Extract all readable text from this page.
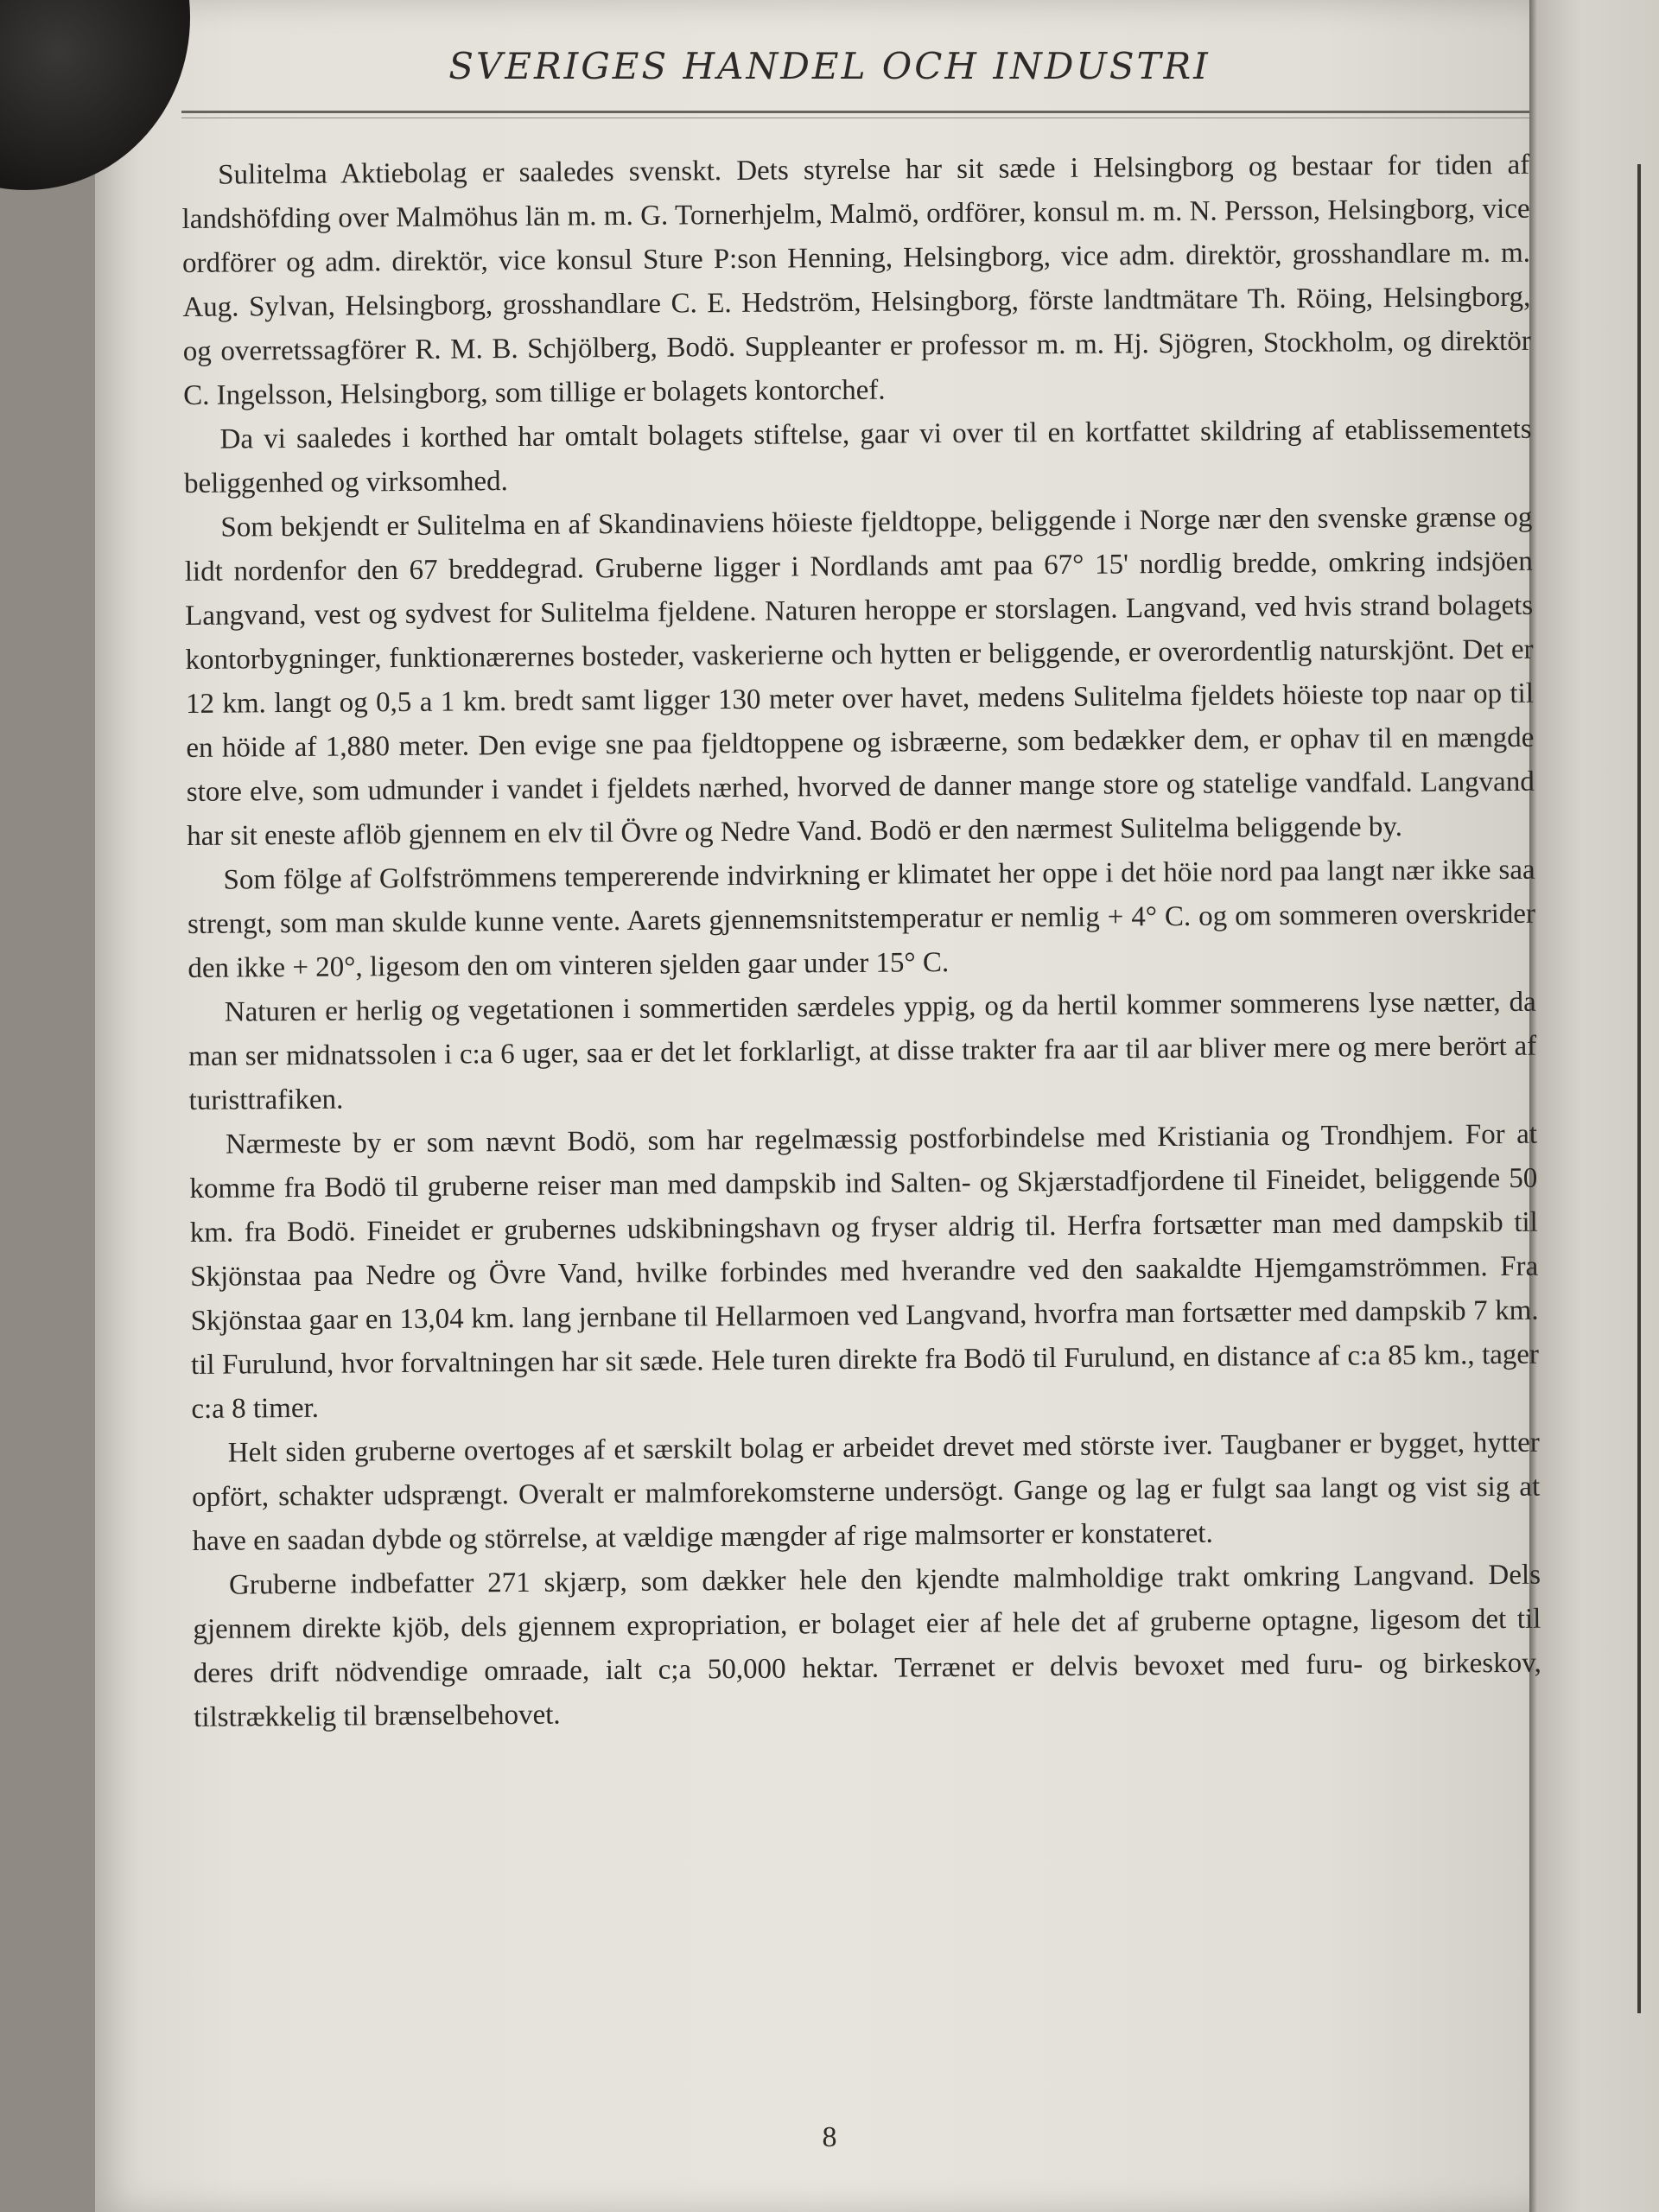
SVERIGES HANDEL OCH INDUSTRI

Sulitelma Aktiebolag er saaledes svenskt. Dets styrelse har sit sæde i Helsingborg og bestaar for tiden af landshöfding over Malmöhus län m. m. G. Tornerhjelm, Malmö, ordförer, konsul m. m. N. Persson, Helsingborg, vice ordförer og adm. direktör, vice konsul Sture P:son Henning, Helsingborg, vice adm. direktör, grosshandlare m. m. Aug. Sylvan, Helsingborg, grosshandlare C. E. Hedström, Helsingborg, förste landtmätare Th. Röing, Helsingborg, og overretssagförer R. M. B. Schjölberg, Bodö. Suppleanter er professor m. m. Hj. Sjögren, Stockholm, og direktör C. Ingelsson, Helsingborg, som tillige er bolagets kontorchef.

Da vi saaledes i korthed har omtalt bolagets stiftelse, gaar vi over til en kortfattet skildring af etablissementets beliggenhed og virksomhed.

Som bekjendt er Sulitelma en af Skandinaviens höieste fjeldtoppe, beliggende i Norge nær den svenske grænse og lidt nordenfor den 67 breddegrad. Gruberne ligger i Nordlands amt paa 67° 15' nordlig bredde, omkring indsjöen Langvand, vest og sydvest for Sulitelma fjeldene. Naturen heroppe er storslagen. Langvand, ved hvis strand bolagets kontorbygninger, funktionærernes bosteder, vaskerierne och hytten er beliggende, er overordentlig naturskjönt. Det er 12 km. langt og 0,5 a 1 km. bredt samt ligger 130 meter over havet, medens Sulitelma fjeldets höieste top naar op til en höide af 1,880 meter. Den evige sne paa fjeldtoppene og isbræerne, som bedækker dem, er ophav til en mængde store elve, som udmunder i vandet i fjeldets nærhed, hvorved de danner mange store og statelige vandfald. Langvand har sit eneste aflöb gjennem en elv til Övre og Nedre Vand. Bodö er den nærmest Sulitelma beliggende by.

Som fölge af Golfströmmens tempererende indvirkning er klimatet her oppe i det höie nord paa langt nær ikke saa strengt, som man skulde kunne vente. Aarets gjennemsnitstemperatur er nemlig + 4° C. og om sommeren overskrider den ikke + 20°, ligesom den om vinteren sjelden gaar under 15° C.

Naturen er herlig og vegetationen i sommertiden særdeles yppig, og da hertil kommer sommerens lyse nætter, da man ser midnatssolen i c:a 6 uger, saa er det let forklarligt, at disse trakter fra aar til aar bliver mere og mere berört af turisttrafiken.

Nærmeste by er som nævnt Bodö, som har regelmæssig postforbindelse med Kristiania og Trondhjem. For at komme fra Bodö til gruberne reiser man med dampskib ind Salten- og Skjærstadfjordene til Fineidet, beliggende 50 km. fra Bodö. Fineidet er grubernes udskibningshavn og fryser aldrig til. Herfra fortsætter man med dampskib til Skjönstaa paa Nedre og Övre Vand, hvilke forbindes med hverandre ved den saakaldte Hjemgamströmmen. Fra Skjönstaa gaar en 13,04 km. lang jernbane til Hellarmoen ved Langvand, hvorfra man fortsætter med dampskib 7 km. til Furulund, hvor forvaltningen har sit sæde. Hele turen direkte fra Bodö til Furulund, en distance af c:a 85 km., tager c:a 8 timer.

Helt siden gruberne overtoges af et særskilt bolag er arbeidet drevet med störste iver. Taugbaner er bygget, hytter opfört, schakter udsprængt. Overalt er malmforekomsterne undersögt. Gange og lag er fulgt saa langt og vist sig at have en saadan dybde og störrelse, at vældige mængder af rige malmsorter er konstateret.

Gruberne indbefatter 271 skjærp, som dækker hele den kjendte malmholdige trakt omkring Langvand. Dels gjennem direkte kjöb, dels gjennem expropriation, er bolaget eier af hele det af gruberne optagne, ligesom det til deres drift nödvendige omraade, ialt c;a 50,000 hektar. Terrænet er delvis bevoxet med furu- og birkeskov, tilstrækkelig til brænselbehovet.

8
